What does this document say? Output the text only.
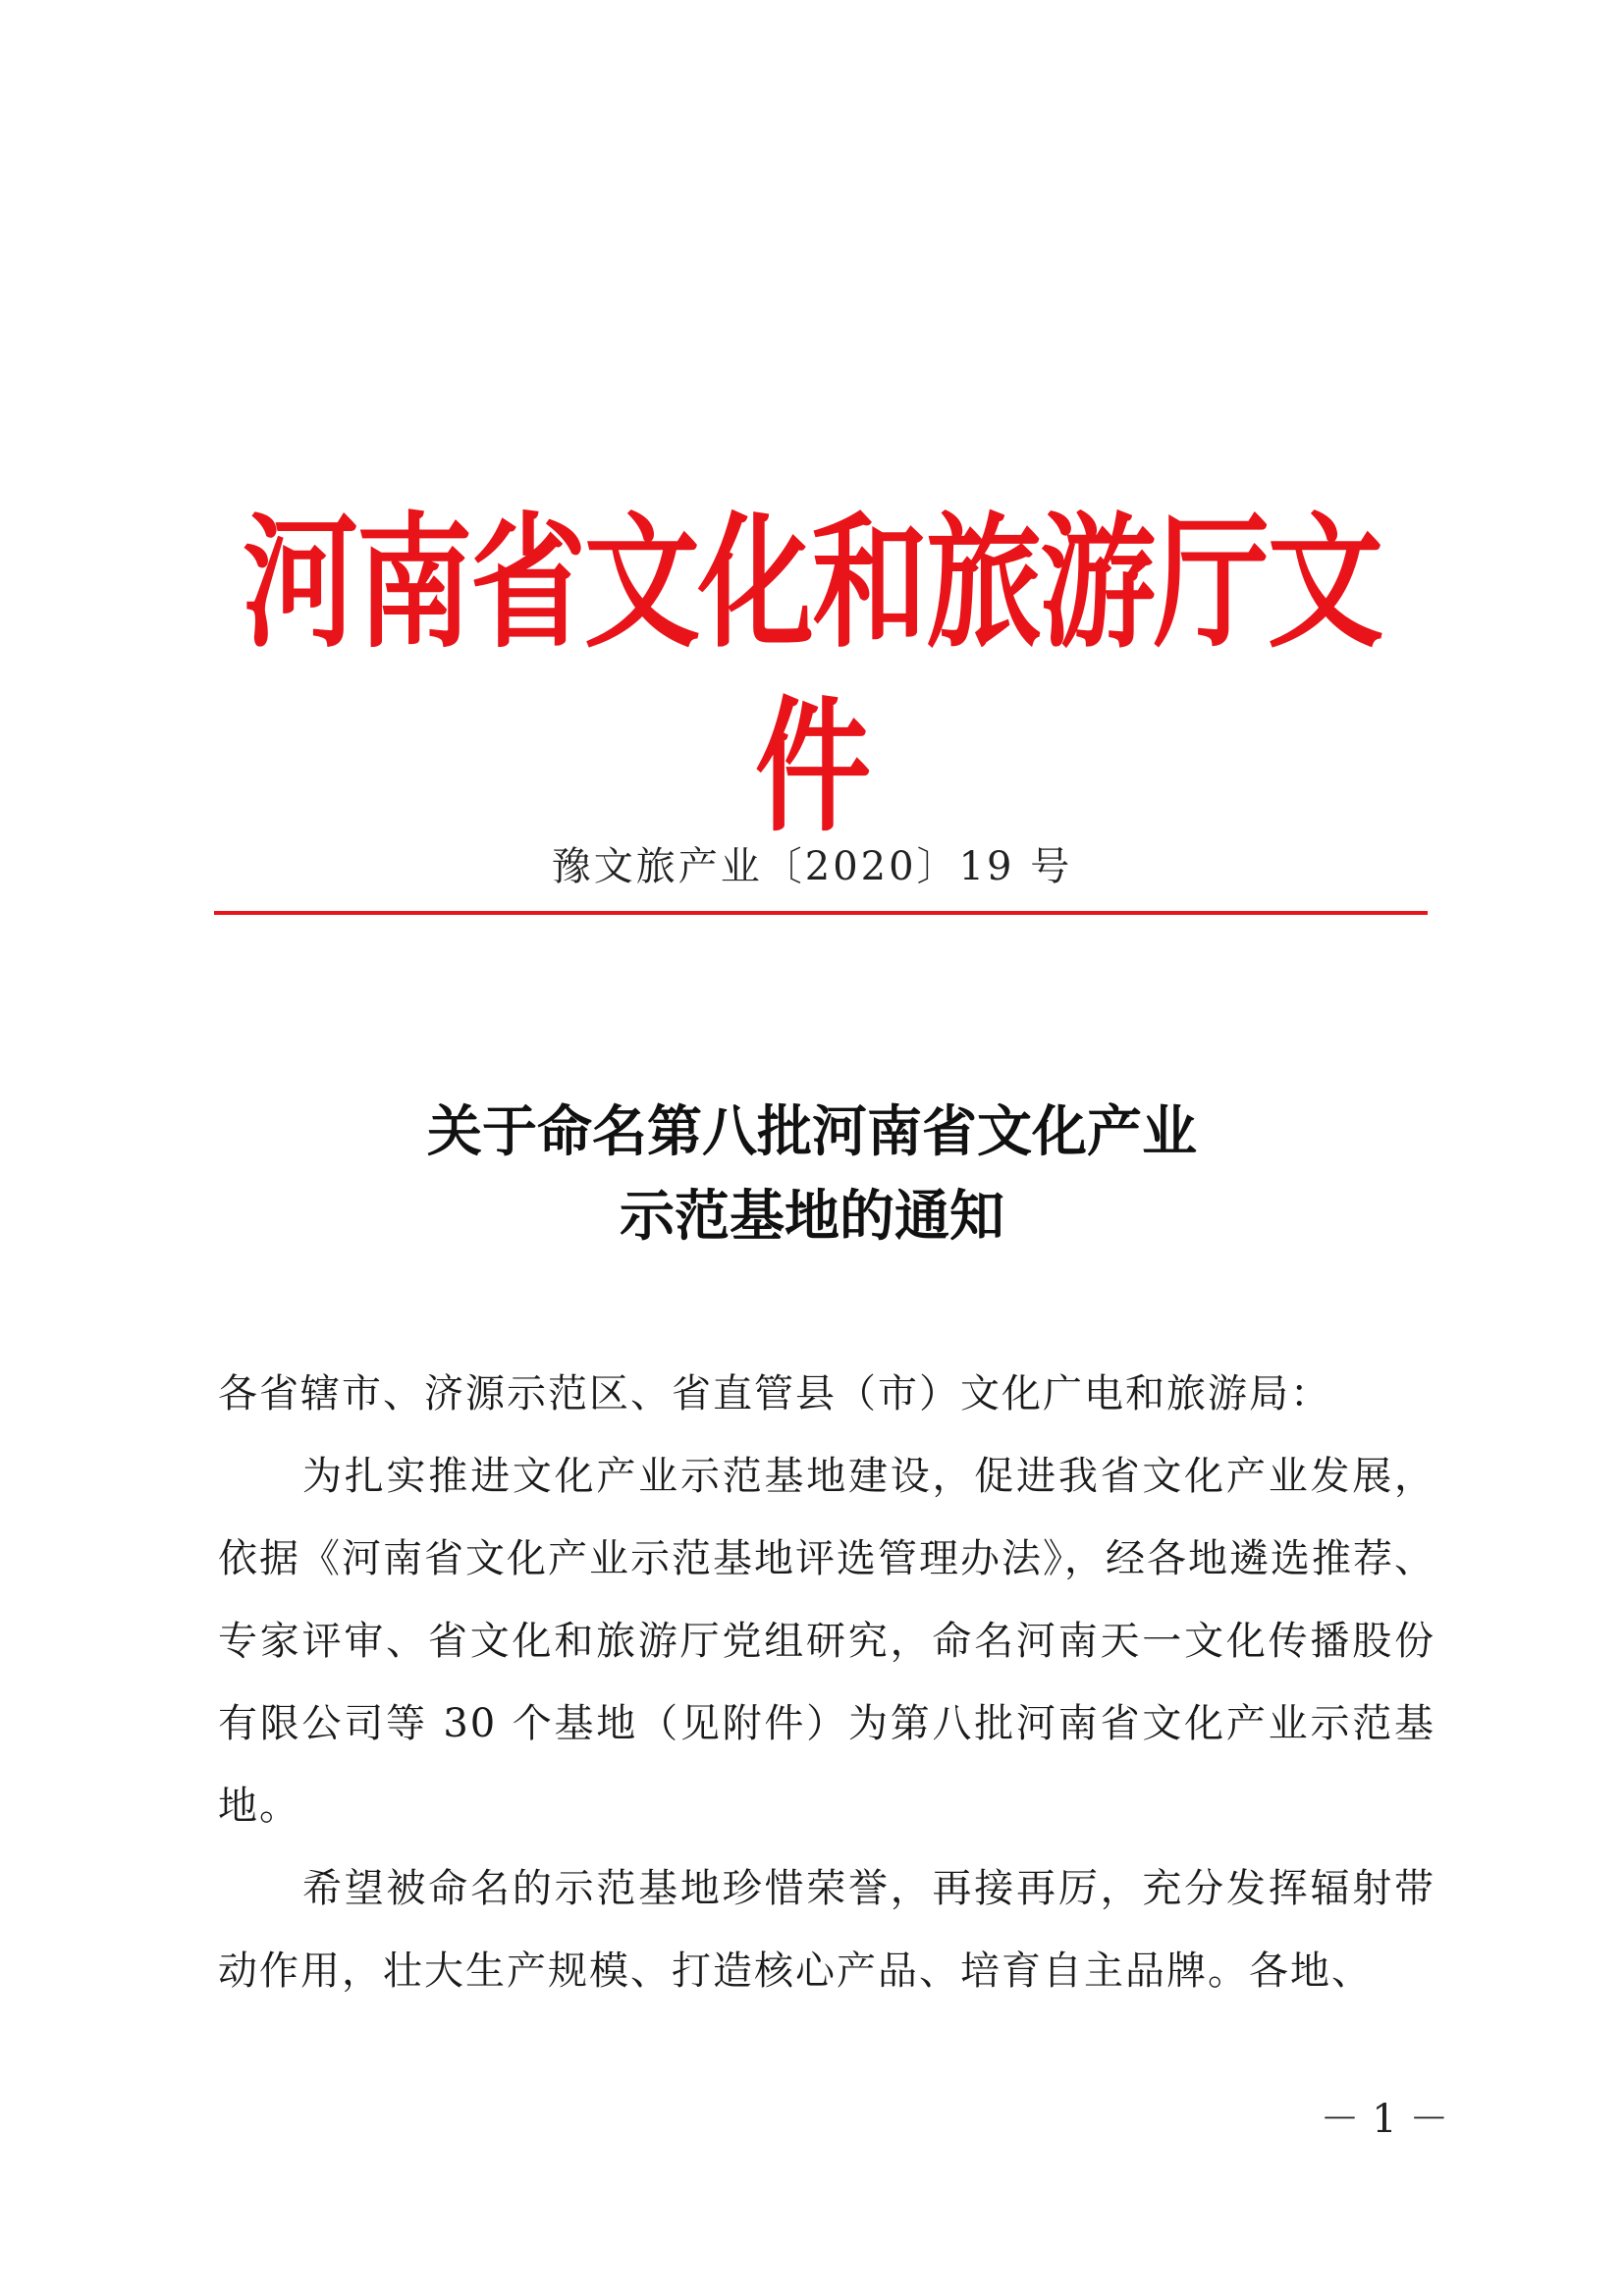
河南省文化和旅游厅文件
豫文旅产业〔2020〕19 号
关于命名第八批河南省文化产业
示范基地的通知

各省辖市、济源示范区、省直管县（市）文化广电和旅游局：

为扎实推进文化产业示范基地建设，促进我省文化产业发展，依据《河南省文化产业示范基地评选管理办法》，经各地遴选推荐、专家评审、省文化和旅游厅党组研究，命名河南天一文化传播股份有限公司等 30 个基地（见附件）为第八批河南省文化产业示范基地。

希望被命名的示范基地珍惜荣誉，再接再厉，充分发挥辐射带动作用，壮大生产规模、打造核心产品、培育自主品牌。各地、

－ 1 －
